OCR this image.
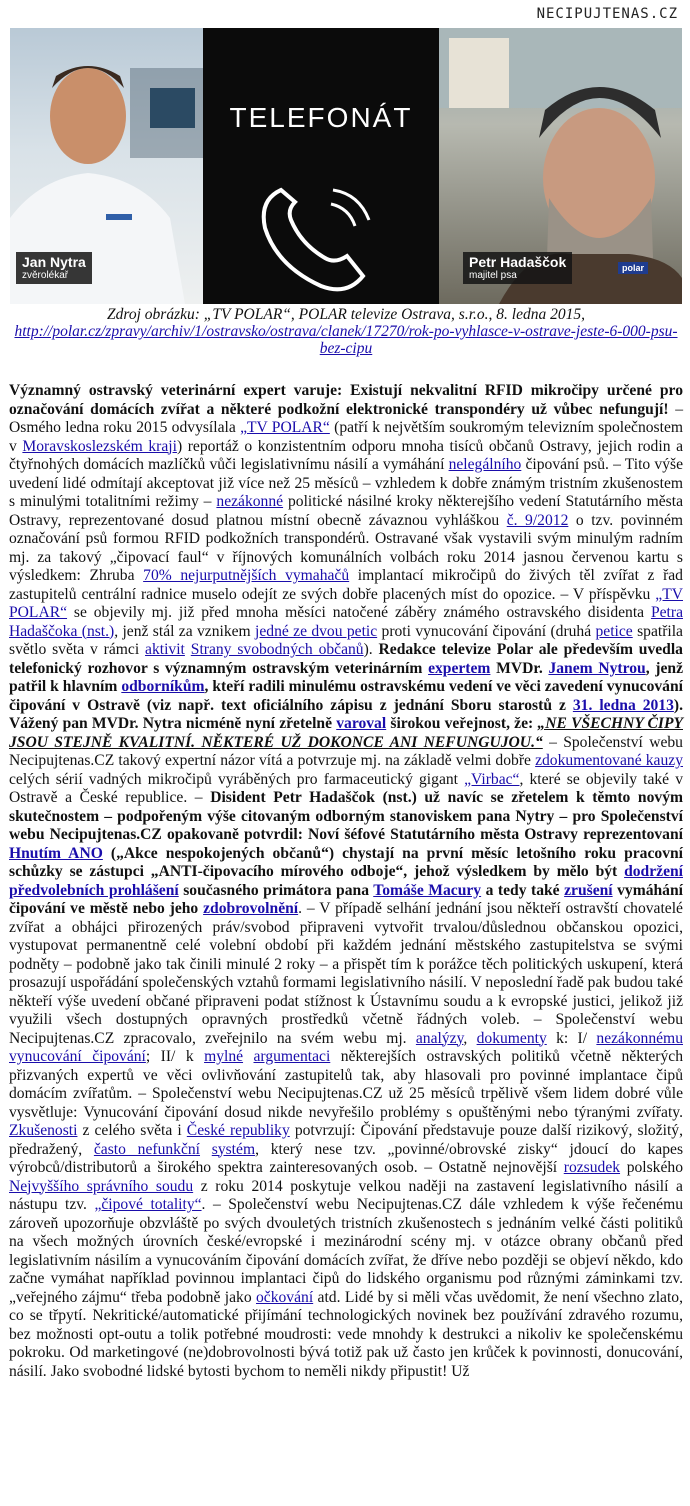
NECIPUJTENAS.CZ
Jan Nytra
zvěrolékař
TELEFONÁT
Petr Hadaščok
majitel psa
polar
Zdroj obrázku: „TV POLAR“, POLAR televize Ostrava, s.r.o., 8. ledna 2015,
http://polar.cz/zpravy/archiv/1/ostravsko/ostrava/clanek/17270/rok-po-vyhlasce-v-ostrave-jeste-6-000-psu-bez-cipu
Významný ostravský veterinární expert varuje: Existují nekvalitní RFID mikročipy určené pro označování domácích zvířat a některé podkožní elektronické transpondéry už vůbec nefungují! – Osmého ledna roku 2015 odvysílala „TV POLAR“ (patří k největším soukromým televizním společnostem v Moravskoslezském kraji) reportáž o konzistentním odporu mnoha tisíců občanů Ostravy, jejich rodin a čtyřnohých domácích mazlíčků vůči legislativnímu násilí a vymáhání nelegálního čipování psů. – Tito výše uvedení lidé odmítají akceptovat již více než 25 měsíců – vzhledem k dobře známým tristním zkušenostem s minulými totalitními režimy – nezákonné politické násilné kroky některejšího vedení Statutárního města Ostravy, reprezentované dosud platnou místní obecně závaznou vyhláškou č. 9/2012 o tzv. povinném označování psů formou RFID podkožních transpondérů. Ostravané však vystavili svým minulým radním mj. za takový „čipovací faul“ v říjnových komunálních volbách roku 2014 jasnou červenou kartu s výsledkem: Zhruba 70% nejurputnějších vymahačů implantací mikročipů do živých těl zvířat z řad zastupitelů centrální radnice muselo odejít ze svých dobře placených míst do opozice. – V příspěvku „TV POLAR“ se objevily mj. již před mnoha měsíci natočené záběry známého ostravského disidenta Petra Hadaščoka (nst.), jenž stál za vznikem jedné ze dvou petic proti vynucování čipování (druhá petice spatřila světlo světa v rámci aktivit Strany svobodných občanů). Redakce televize Polar ale především uvedla telefonický rozhovor s významným ostravským veterinárním expertem MVDr. Janem Nytrou, jenž patřil k hlavním odborníkům, kteří radili minulému ostravskému vedení ve věci zavedení vynucování čipování v Ostravě (viz např. text oficiálního zápisu z jednání Sboru starostů z 31. ledna 2013). Vážený pan MVDr. Nytra nicméně nyní zřetelně varoval širokou veřejnost, že: „NE VŠECHNY ČIPY JSOU STEJNĚ KVALITNÍ. NĚKTERÉ UŽ DOKONCE ANI NEFUNGUJOU.“ – Společenství webu Necipujtenas.CZ takový expertní názor vítá a potvrzuje mj. na základě velmi dobře zdokumentované kauzy celých sérií vadných mikročipů vyráběných pro farmaceutický gigant „Virbac“, které se objevily také v Ostravě a České republice. – Disident Petr Hadaščok (nst.) už navíc se zřetelem k těmto novým skutečnostem – podpořeným výše citovaným odborným stanoviskem pana Nytry – pro Společenství webu Necipujtenas.CZ opakovaně potvrdil: Noví šéfové Statutárního města Ostravy reprezentovaní Hnutím ANO („Akce nespokojených občanů“) chystají na první měsíc letošního roku pracovní schůzky se zástupci „ANTI-čipovacího mírového odboje“, jehož výsledkem by mělo být dodržení předvolebních prohlášení současného primátora pana Tomáše Macury a tedy také zrušení vymáhání čipování ve městě nebo jeho zdobrovolnění. – V případě selhání jednání jsou někteří ostravští chovatelé zvířat a obhájci přirozených práv/svobod připraveni vytvořit trvalou/důslednou občanskou opozici, vystupovat permanentně celé volební období při každém jednání městského zastupitelstva se svými podněty – podobně jako tak činili minulé 2 roky – a přispět tím k porážce těch politických uskupení, která prosazují uspořádání společenských vztahů formami legislativního násilí. V neposlední řadě pak budou také někteří výše uvedení občané připraveni podat stížnost k Ústavnímu soudu a k evropské justici, jelikož již využili všech dostupných opravných prostředků včetně řádných voleb. – Společenství webu Necipujtenas.CZ zpracovalo, zveřejnilo na svém webu mj. analýzy, dokumenty k: I/ nezákonnému vynucování čipování; II/ k mylné argumentaci některejších ostravských politiků včetně některých přizvaných expertů ve věci ovlivňování zastupitelů tak, aby hlasovali pro povinné implantace čipů domácím zvířatům. – Společenství webu Necipujtenas.CZ už 25 měsíců trpělivě všem lidem dobré vůle vysvětluje: Vynucování čipování dosud nikde nevyřešilo problémy s opuštěnými nebo týranými zvířaty. Zkušenosti z celého světa i České republiky potvrzují: Čipování představuje pouze další rizikový, složitý, předražený, často nefunkční systém, který nese tzv. „povinné/obrovské zisky“ jdoucí do kapes výrobců/distributorů a širokého spektra zainteresovaných osob. – Ostatně nejnovější rozsudek polského Nejvyššího správního soudu z roku 2014 poskytuje velkou naději na zastavení legislativního násilí a nástupu tzv. „čipové totality“. – Společenství webu Necipujtenas.CZ dále vzhledem k výše řečenému zároveň upozorňuje obzvláště po svých dvouletých tristních zkušenostech s jednáním velké části politiků na všech možných úrovních české/evropské i mezinárodní scény mj. v otázce obrany občanů před legislativním násilím a vynucováním čipování domácích zvířat, že dříve nebo později se objeví někdo, kdo začne vymáhat například povinnou implantaci čipů do lidského organismu pod různými záminkami tzv. „veřejného zájmu“ třeba podobně jako očkování atd. Lidé by si měli včas uvědomit, že není všechno zlato, co se třpytí. Nekritické/automatické přijímání technologických novinek bez používání zdravého rozumu, bez možnosti opt-outu a tolik potřebné moudrosti: vede mnohdy k destrukci a nikoliv ke společenskému pokroku. Od marketingové (ne)dobrovolnosti bývá totiž pak už často jen krůček k povinnosti, donucování, násilí. Jako svobodné lidské bytosti bychom to neměli nikdy připustit! Už
